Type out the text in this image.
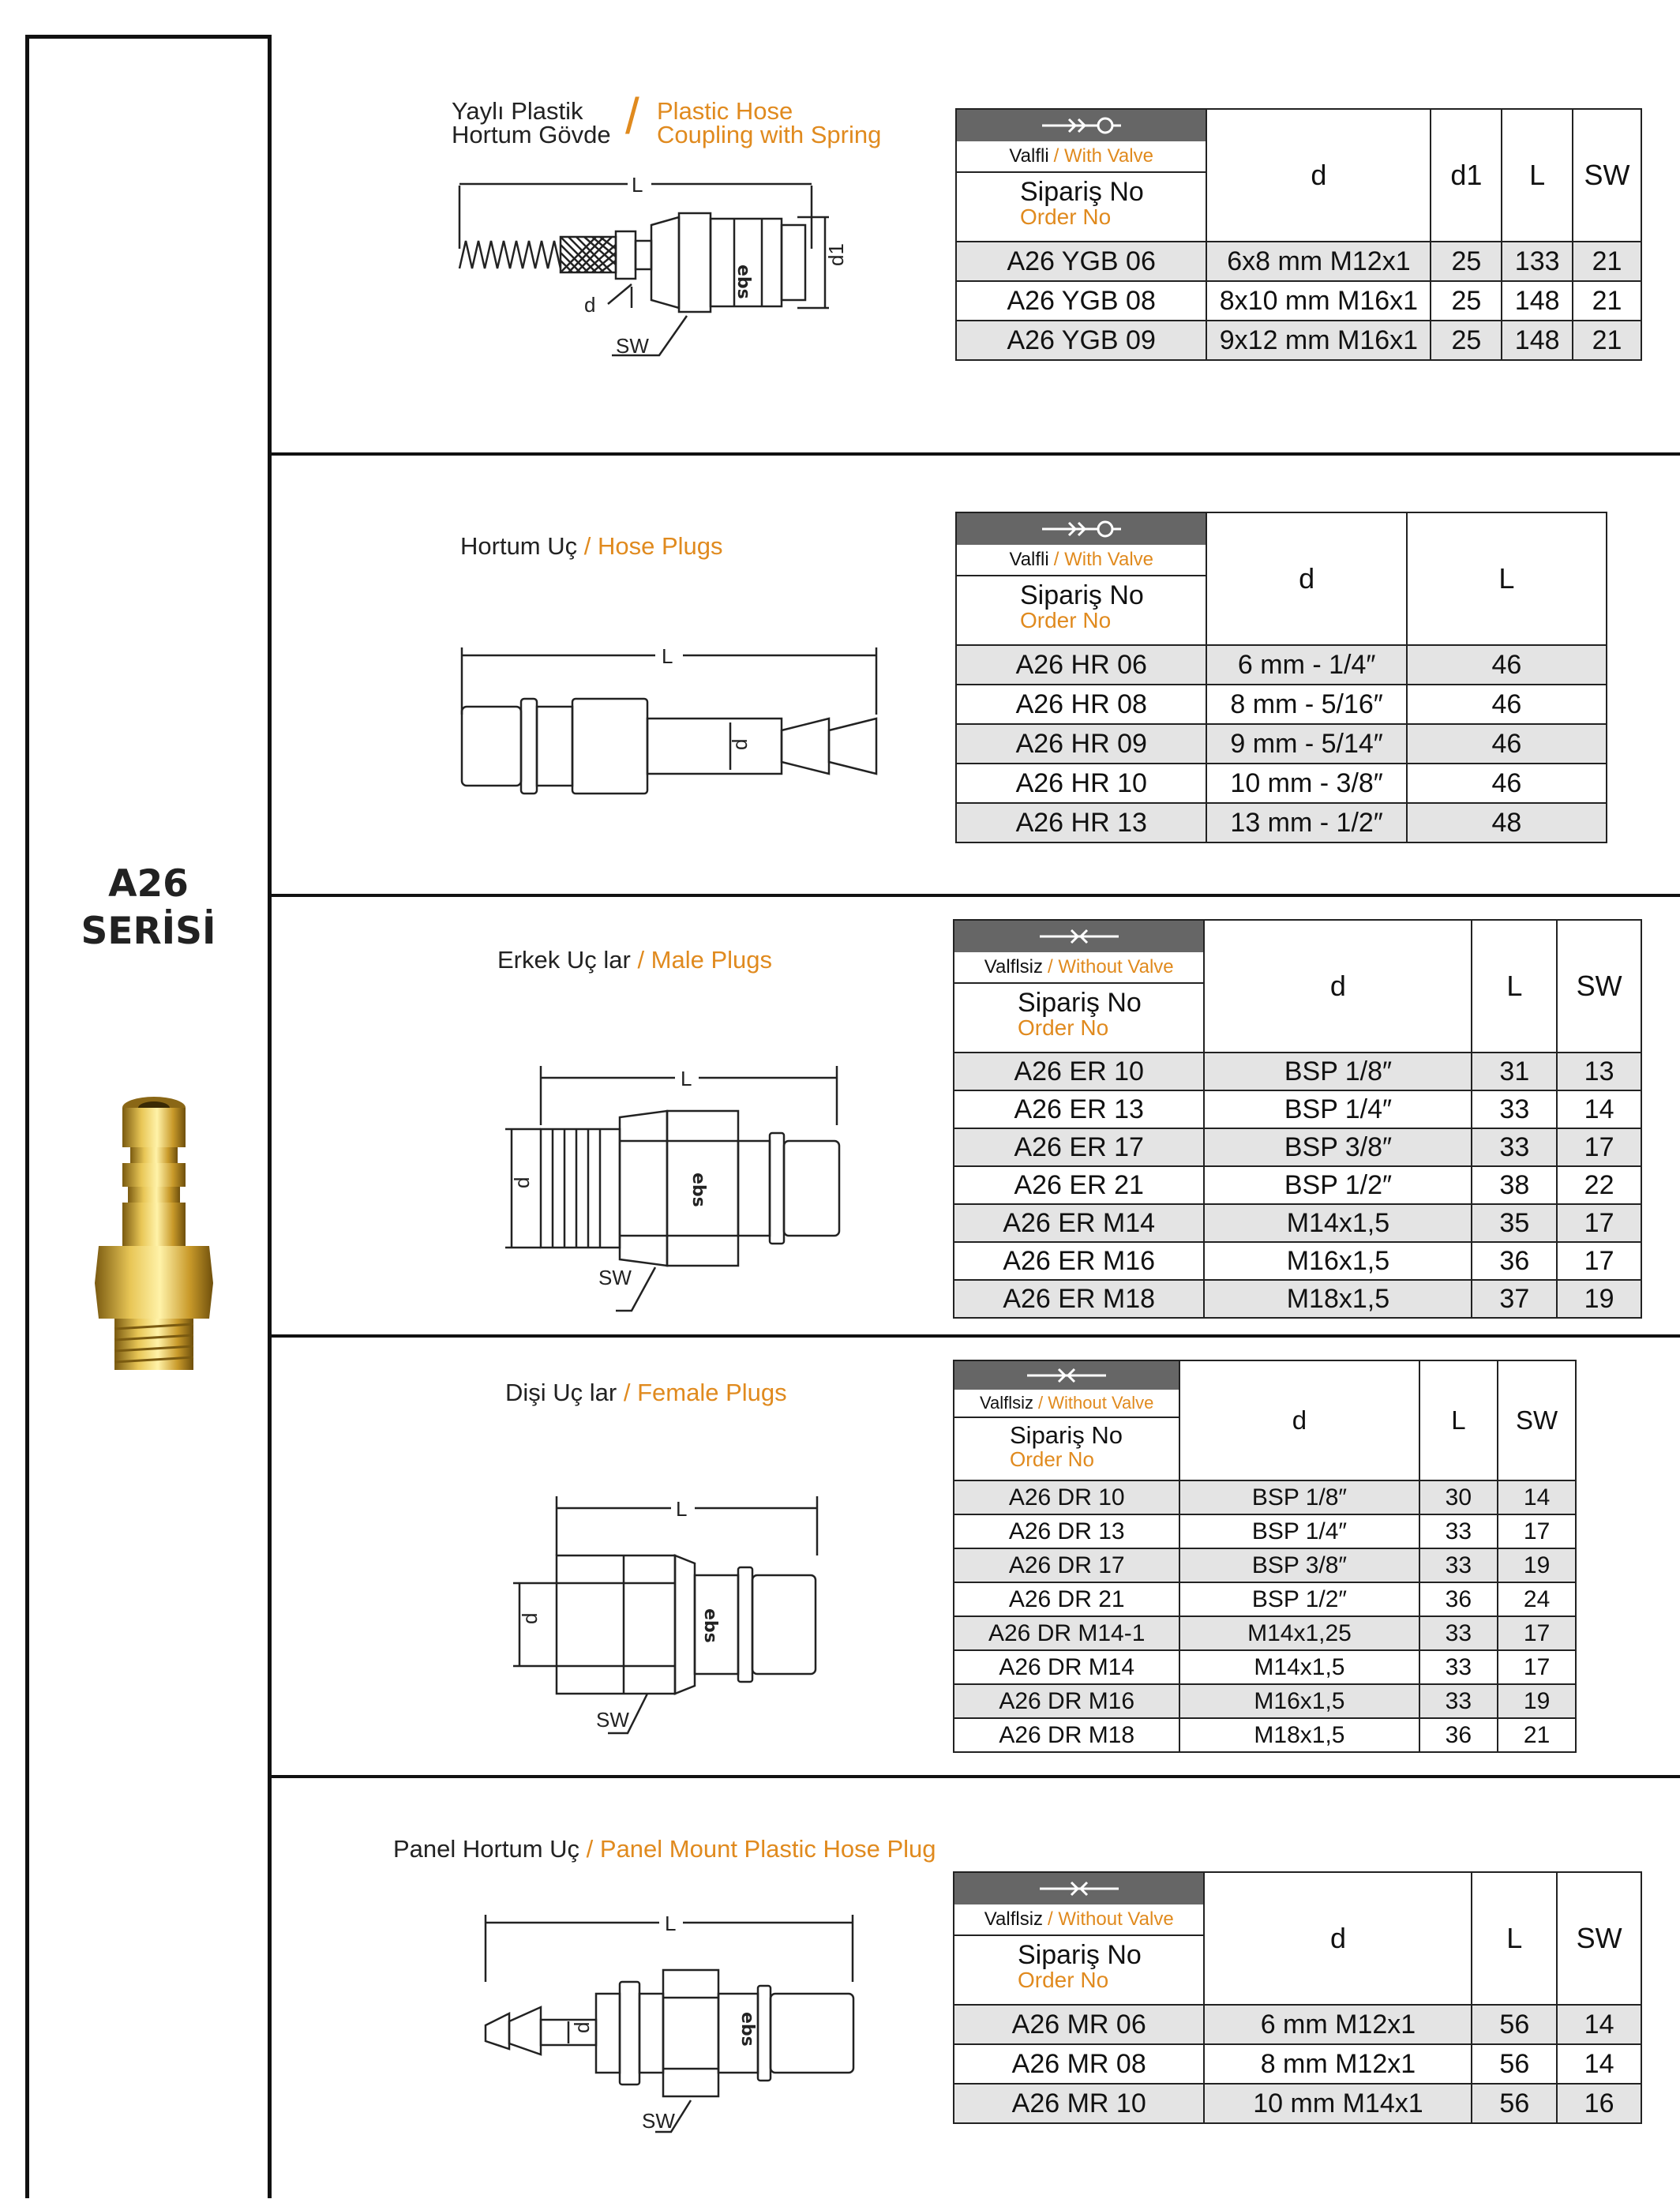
A26
SERİSİ
Yaylı Plastik
Hortum Gövde / Plastic Hose
Coupling with Spring
L
d
d1
SW
ebs
Valfli / With Valve
Sipariş No
Order No	d	d1	L	SW
A26 YGB 06	6x8 mm M12x1	25	133	21
A26 YGB 08	8x10 mm M16x1	25	148	21
A26 YGB 09	9x12 mm M16x1	25	148	21
Hortum Uç / Hose Plugs
L
d
Valfli / With Valve
Sipariş No
Order No	d	L
A26 HR 06	6 mm - 1/4″	46
A26 HR 08	8 mm - 5/16″	46
A26 HR 09	9 mm - 5/14″	46
A26 HR 10	10 mm - 3/8″	46
A26 HR 13	13 mm - 1/2″	48
Erkek Uç lar / Male Plugs
L
d
SW
ebs
Valflsiz / Without Valve
Sipariş No
Order No	d	L	SW
A26 ER 10	BSP 1/8″	31	13
A26 ER 13	BSP 1/4″	33	14
A26 ER 17	BSP 3/8″	33	17
A26 ER 21	BSP 1/2″	38	22
A26 ER M14	M14x1,5	35	17
A26 ER M16	M16x1,5	36	17
A26 ER M18	M18x1,5	37	19
Dişi Uç lar / Female Plugs
L
d
SW
ebs
Valflsiz / Without Valve
Sipariş No
Order No	d	L	SW
A26 DR 10	BSP 1/8″	30	14
A26 DR 13	BSP 1/4″	33	17
A26 DR 17	BSP 3/8″	33	19
A26 DR 21	BSP 1/2″	36	24
A26 DR M14-1	M14x1,25	33	17
A26 DR M14	M14x1,5	33	17
A26 DR M16	M16x1,5	33	19
A26 DR M18	M18x1,5	36	21
Panel Hortum Uç / Panel Mount Plastic Hose Plug
L
d
SW
ebs
Valflsiz / Without Valve
Sipariş No
Order No	d	L	SW
A26 MR 06	6 mm M12x1	56	14
A26 MR 08	8 mm M12x1	56	14
A26 MR 10	10 mm M14x1	56	16
